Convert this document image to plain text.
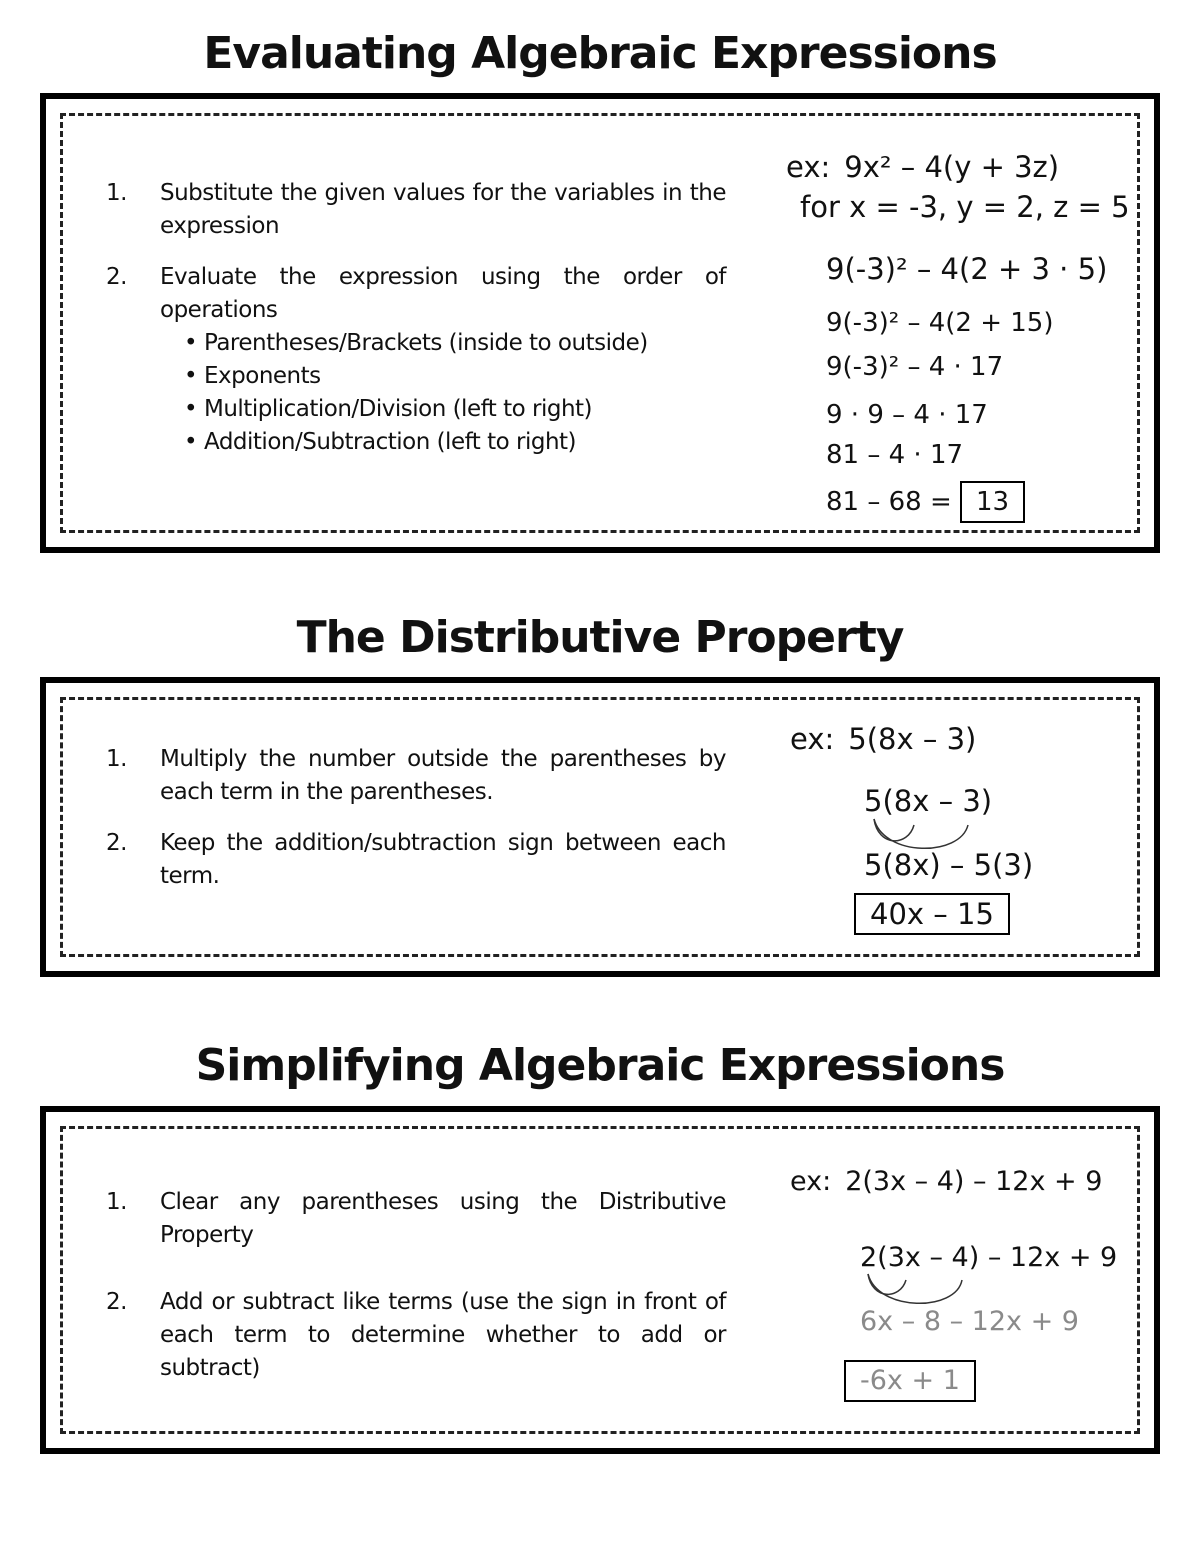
Evaluating Algebraic Expressions
1.	Substitute the given values for the variables in the expression
2.	Evaluate the expression using the order of operations
• Parentheses/Brackets (inside to outside)
• Exponents
• Multiplication/Division (left to right)
• Addition/Subtraction (left to right)
ex: 9x² – 4(y + 3z)
for x = -3, y = 2, z = 5
9(-3)² – 4(2 + 3 · 5)
9(-3)² – 4(2 + 15)
9(-3)² – 4 · 17
9 · 9 – 4 · 17
81 – 4 · 17
81 – 68 = 13
The Distributive Property
1.	Multiply the number outside the parentheses by each term in the parentheses.
2.	Keep the addition/subtraction sign between each term.
ex: 5(8x – 3)
5(8x – 3)
5(8x) – 5(3)
40x – 15
Simplifying Algebraic Expressions
1.	Clear any parentheses using the Distributive Property
2.	Add or subtract like terms (use the sign in front of each term to determine whether to add or subtract)
ex: 2(3x – 4) – 12x + 9
2(3x – 4) – 12x + 9
6x – 8 – 12x + 9
-6x + 1
